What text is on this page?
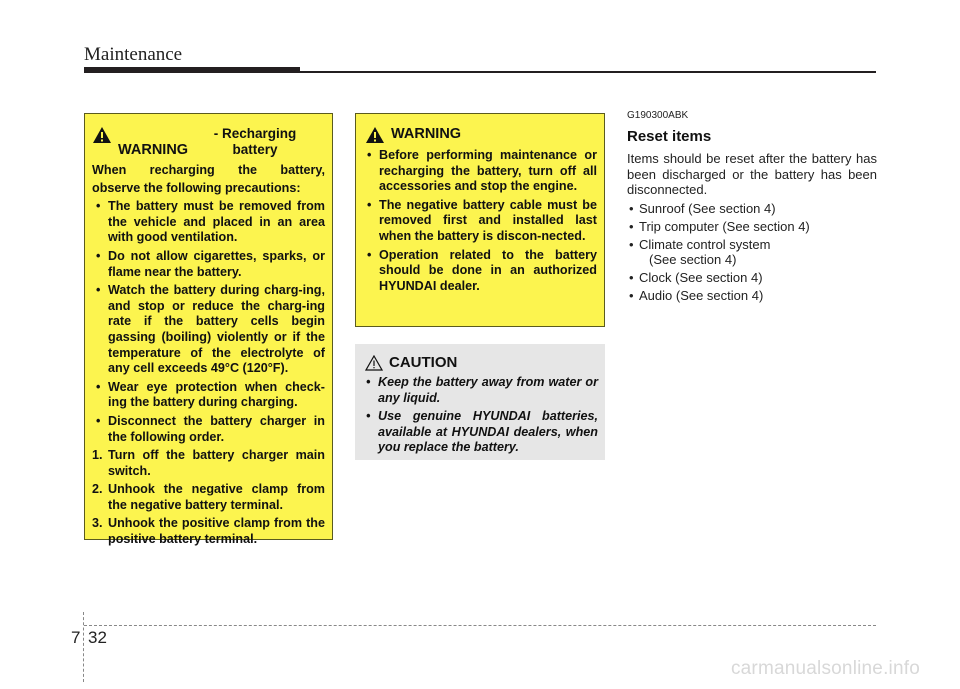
Maintenance
WARNING - Recharging battery

When recharging the battery,

observe the following precautions:

• The battery must be removed from the vehicle and placed in an area with good ventilation.
• Do not allow cigarettes, sparks, or flame near the battery.
• Watch the battery during charg-ing, and stop or reduce the charg-ing rate if the battery cells begin gassing (boiling) violently or if the temperature of the electrolyte of any cell exceeds 49°C (120°F).
• Wear eye protection when check-ing the battery during charging.
• Disconnect the battery charger in the following order.
1. Turn off the battery charger main switch.
2. Unhook the negative clamp from the negative battery terminal.
3. Unhook the positive clamp from the positive battery terminal.
WARNING
• Before performing maintenance or recharging the battery, turn off all accessories and stop the engine.
• The negative battery cable must be removed first and installed last when the battery is discon-nected.
• Operation related to the battery should be done in an authorized HYUNDAI dealer.
CAUTION
• Keep the battery away from water or any liquid.
• Use genuine HYUNDAI batteries, available at HYUNDAI dealers, when you replace the battery.
G190300ABK
Reset items
Items should be reset after the battery has been discharged or the battery has been disconnected.
• Sunroof (See section 4)
• Trip computer (See section 4)
• Climate control system
(See section 4)
• Clock (See section 4)
• Audio (See section 4)
7 32
carmanualsonline.info
